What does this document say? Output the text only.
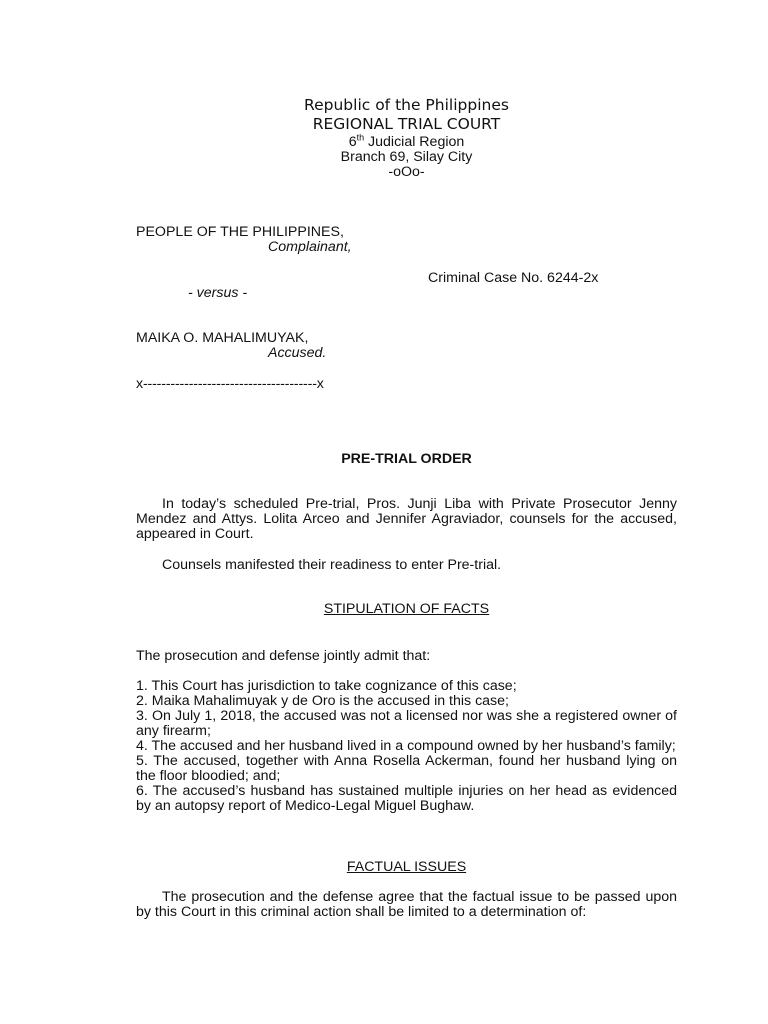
Republic of the Philippines
REGIONAL TRIAL COURT
6th Judicial Region
Branch 69, Silay City
-oOo-
PEOPLE OF THE PHILIPPINES,
Complainant,
Criminal Case No. 6244-2x
- versus -
MAIKA O. MAHALIMUYAK,
Accused.
x--------------------------------------x
PRE-TRIAL ORDER
In today’s scheduled Pre-trial, Pros. Junji Liba with Private Prosecutor Jenny Mendez and Attys. Lolita Arceo and Jennifer Agraviador, counsels for the accused, appeared in Court.
Counsels manifested their readiness to enter Pre-trial.
STIPULATION OF FACTS
The prosecution and defense jointly admit that:
1. This Court has jurisdiction to take cognizance of this case;
2. Maika Mahalimuyak y de Oro is the accused in this case;
3. On July 1, 2018, the accused was not a licensed nor was she a registered owner of any firearm;
4. The accused and her husband lived in a compound owned by her husband’s family;
5. The accused, together with Anna Rosella Ackerman, found her husband lying on the floor bloodied; and;
6. The accused’s husband has sustained multiple injuries on her head as evidenced by an autopsy report of Medico-Legal Miguel Bughaw.
FACTUAL ISSUES
The prosecution and the defense agree that the factual issue to be passed upon by this Court in this criminal action shall be limited to a determination of:
